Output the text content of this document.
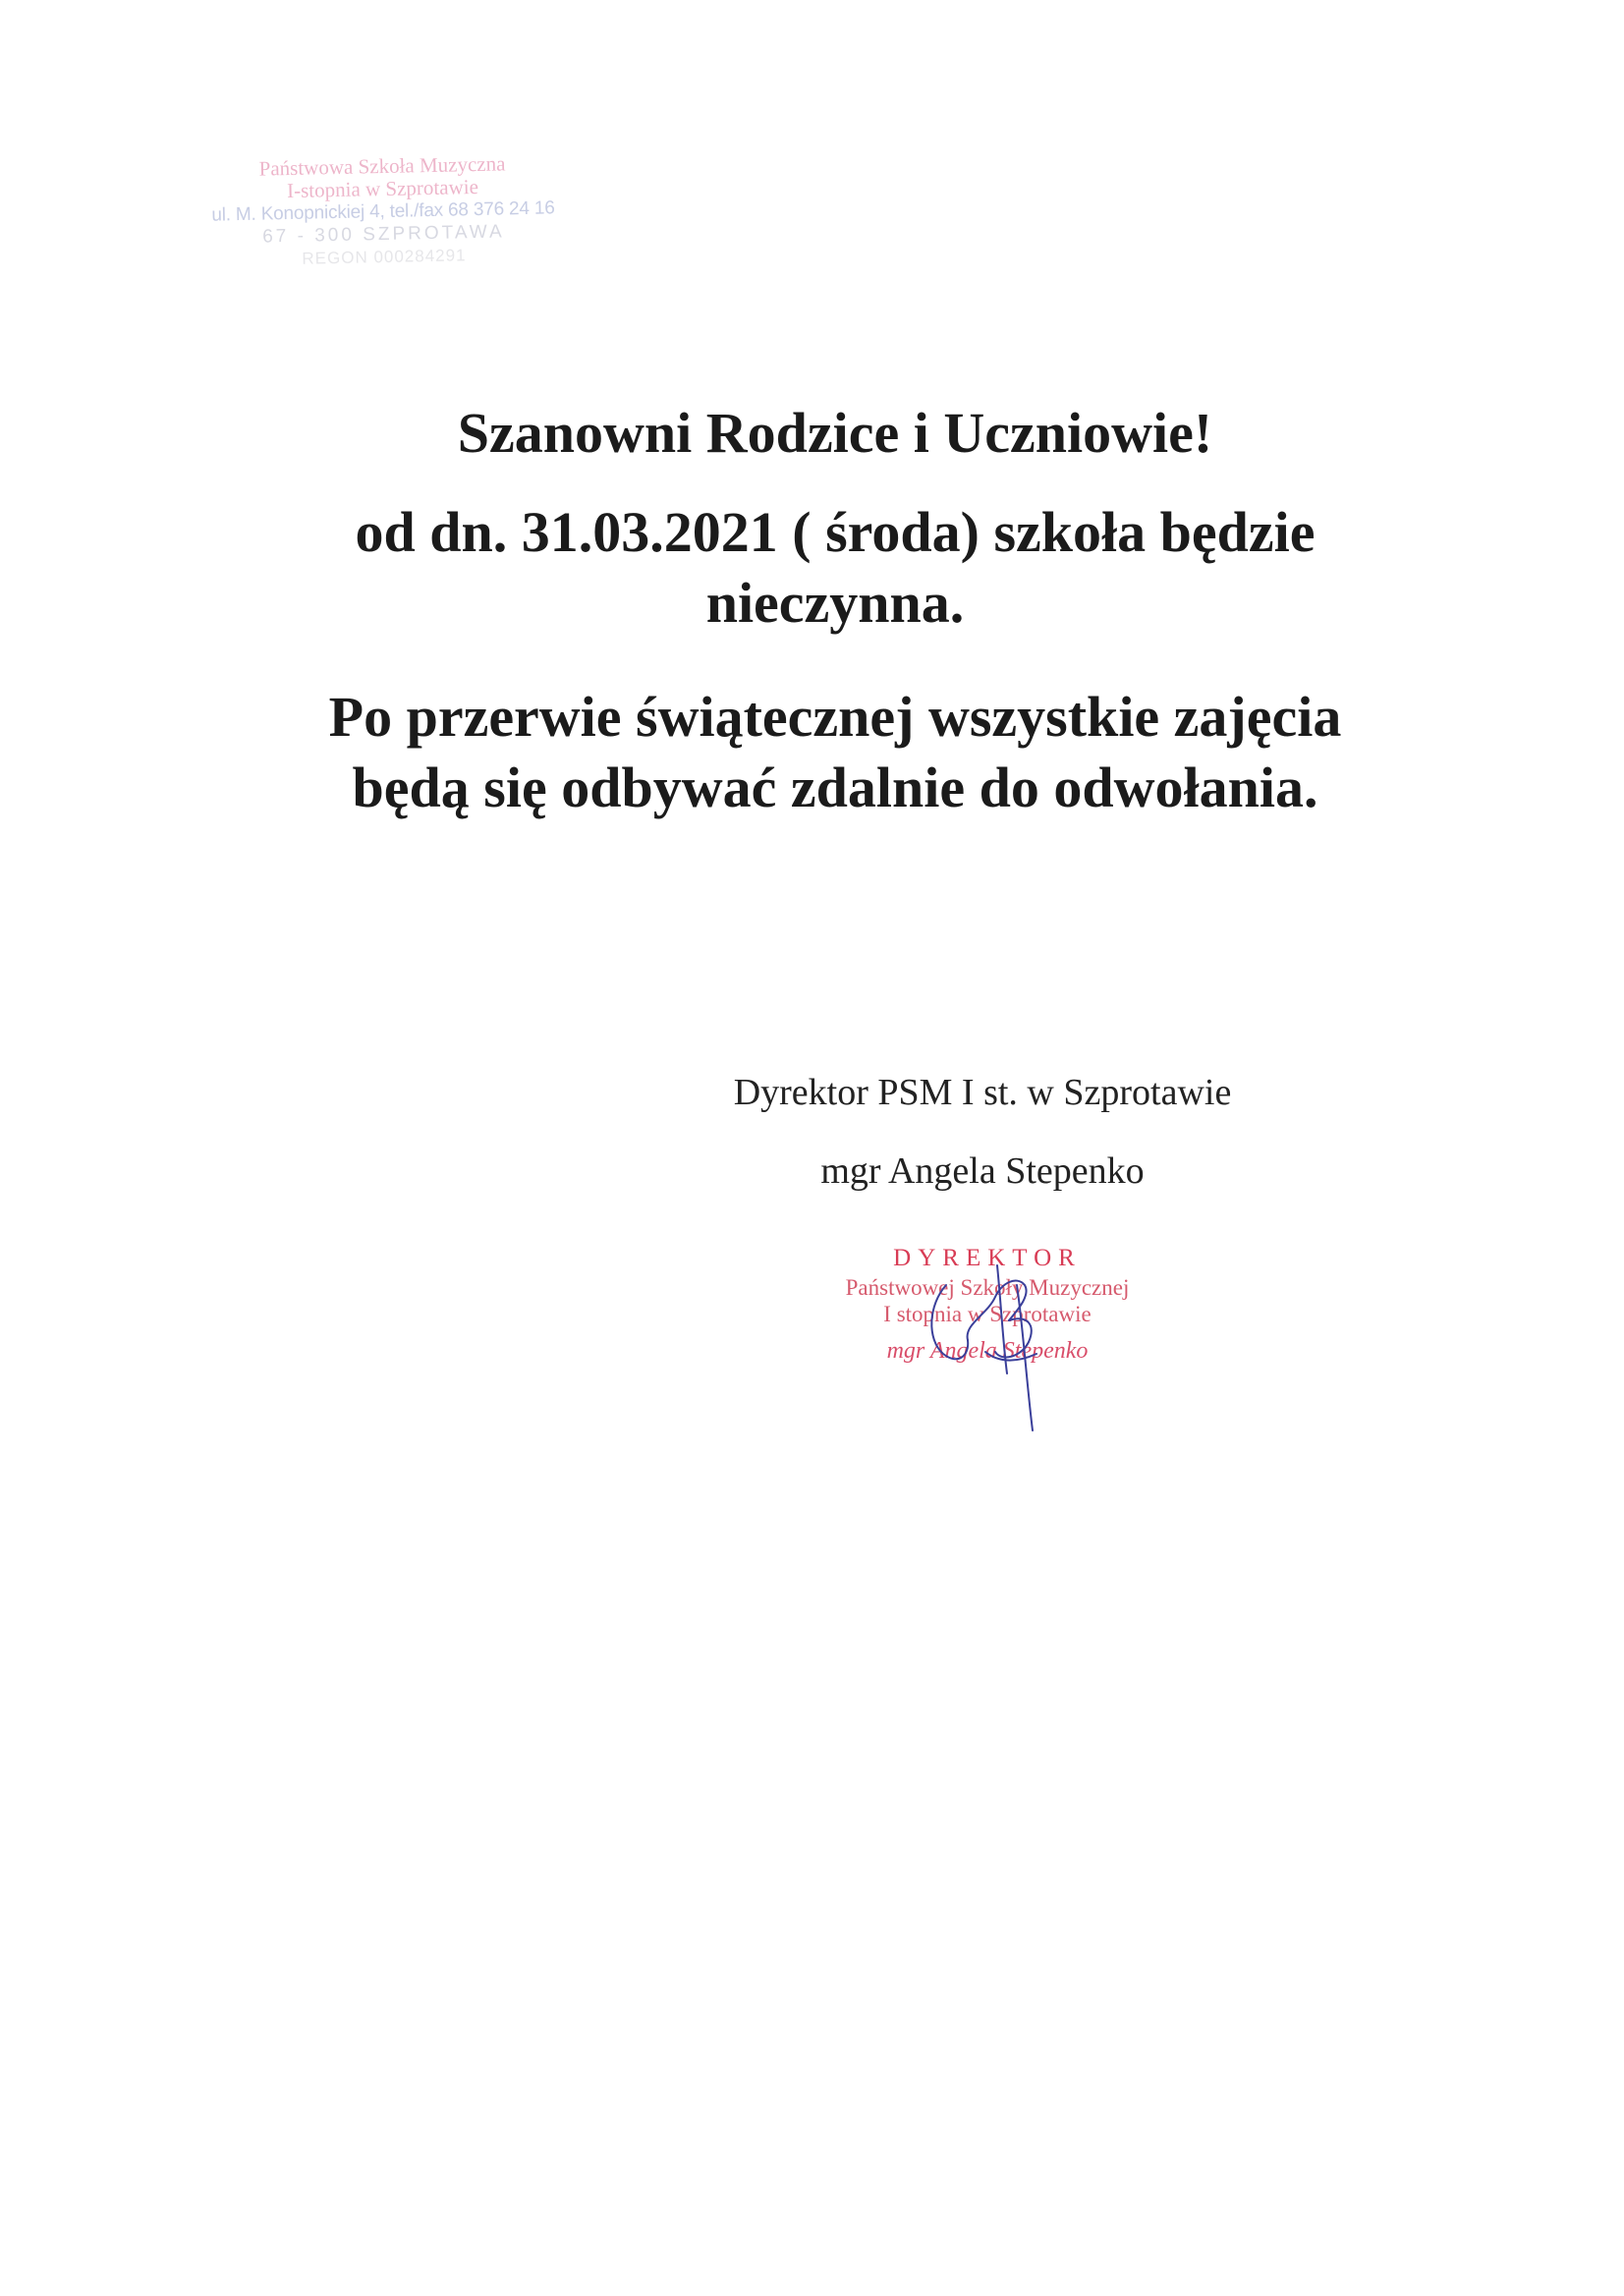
Państwowa Szkoła Muzyczna
I-stopnia w Szprotawie
ul. M. Konopnickiej 4, tel./fax 68 376 24 16
67 - 300 SZPROTAWA
REGON 000284291
Szanowni Rodzice i Uczniowie!

od dn. 31.03.2021 ( środa) szkoła będzie
nieczynna.

Po przerwie świątecznej wszystkie zajęcia
będą się odbywać zdalnie do odwołania.

Dyrektor PSM I st. w Szprotawie
mgr Angela Stepenko
DYREKTOR
Państwowej Szkoły Muzycznej
I stopnia w Szprotawie
mgr Angela Stepenko
